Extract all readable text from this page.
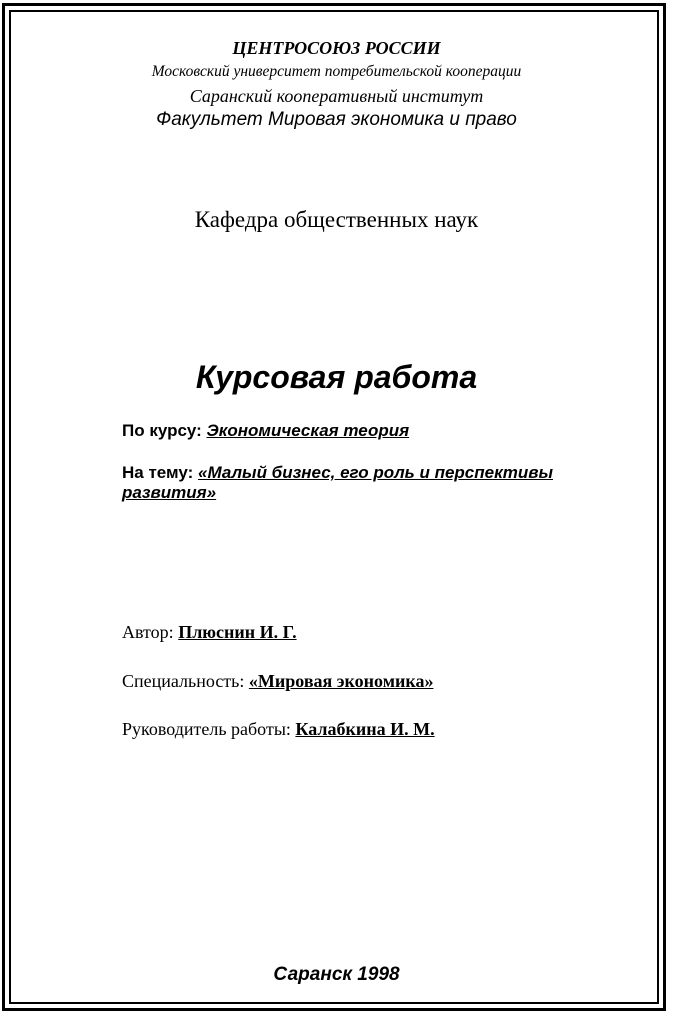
ЦЕНТРОСОЮЗ РОССИИ

Московский университет потребительской кооперации

Саранский кооперативный институт

Факультет Мировая экономика и право

Кафедра общественных наук

Курсовая работа

По курсу: Экономическая теория

На тему: «Малый бизнес, его роль и перспективы развития»

Автор: Плюснин И. Г.

Специальность: «Мировая экономика»

Руководитель работы: Калабкина И. М.

Саранск 1998
